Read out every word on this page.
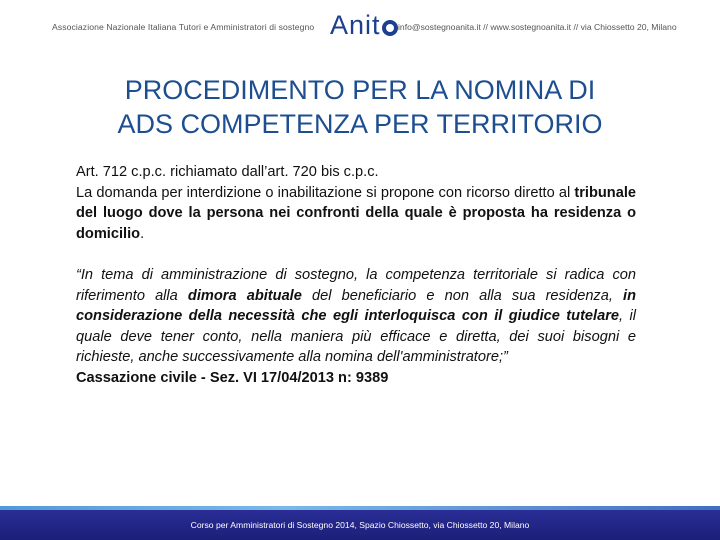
Associazione Nazionale Italiana Tutori e Amministratori di sostegno Anit info@sostegnoanita.it // www.sostegnoanita.it // via Chiossetto 20, Milano
PROCEDIMENTO PER LA NOMINA DI
ADS COMPETENZA PER TERRITORIO

Art. 712 c.p.c. richiamato dall’art. 720 bis c.p.c.

La domanda per interdizione o inabilitazione si propone con ricorso diretto al tribunale del luogo dove la persona nei confronti della quale è proposta ha residenza o domicilio.

“In tema di amministrazione di sostegno, la competenza territoriale si radica con riferimento alla dimora abituale del beneficiario e non alla sua residenza, in considerazione della necessità che egli interloquisca con il giudice tutelare, il quale deve tener conto, nella maniera più efficace e diretta, dei suoi bisogni e richieste, anche successivamente alla nomina dell'amministratore;”

Cassazione civile - Sez. VI 17/04/2013 n: 9389

Corso per Amministratori di Sostegno 2014, Spazio Chiossetto, via Chiossetto 20, Milano
